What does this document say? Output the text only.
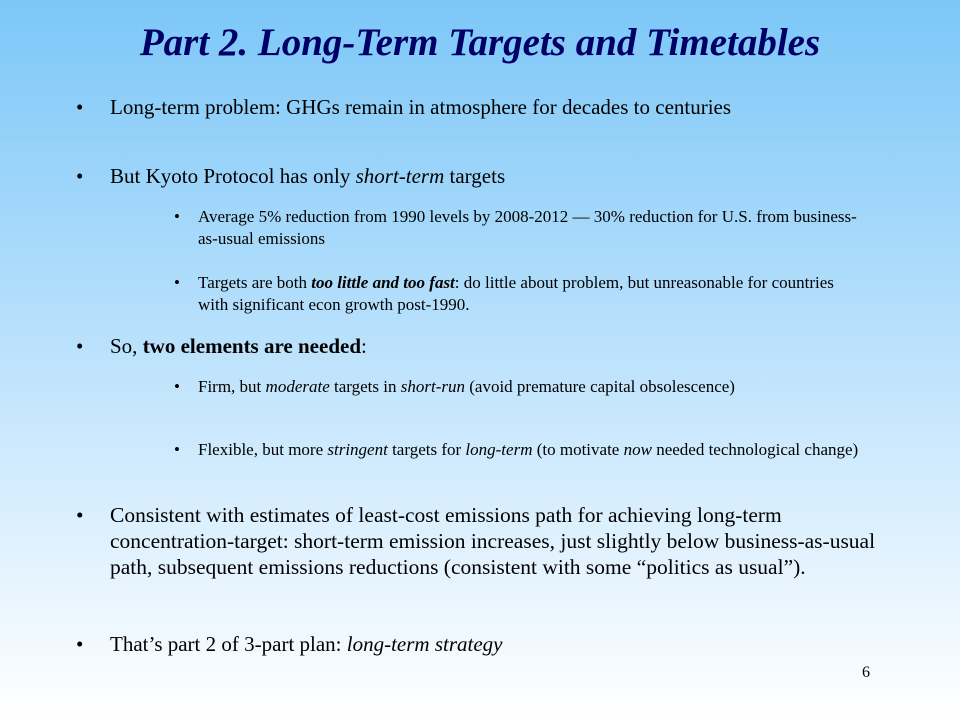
Part 2. Long-Term Targets and Timetables
•	Long-term problem: GHGs remain in atmosphere for decades to centuries
•	But Kyoto Protocol has only short-term targets
•	Average 5% reduction from 1990 levels by 2008-2012 — 30% reduction for U.S. from business-as-usual emissions
•	Targets are both too little and too fast: do little about problem, but unreasonable for countries with significant econ growth post-1990.
•	So, two elements are needed:
•	Firm, but moderate targets in short-run (avoid premature capital obsolescence)
•	Flexible, but more stringent targets for long-term (to motivate now needed technological change)
•	Consistent with estimates of least-cost emissions path for achieving long-term concentration-target: short-term emission increases, just slightly below business-as-usual path, subsequent emissions reductions (consistent with some “politics as usual”).
•	That’s part 2 of 3-part plan: long-term strategy
6
